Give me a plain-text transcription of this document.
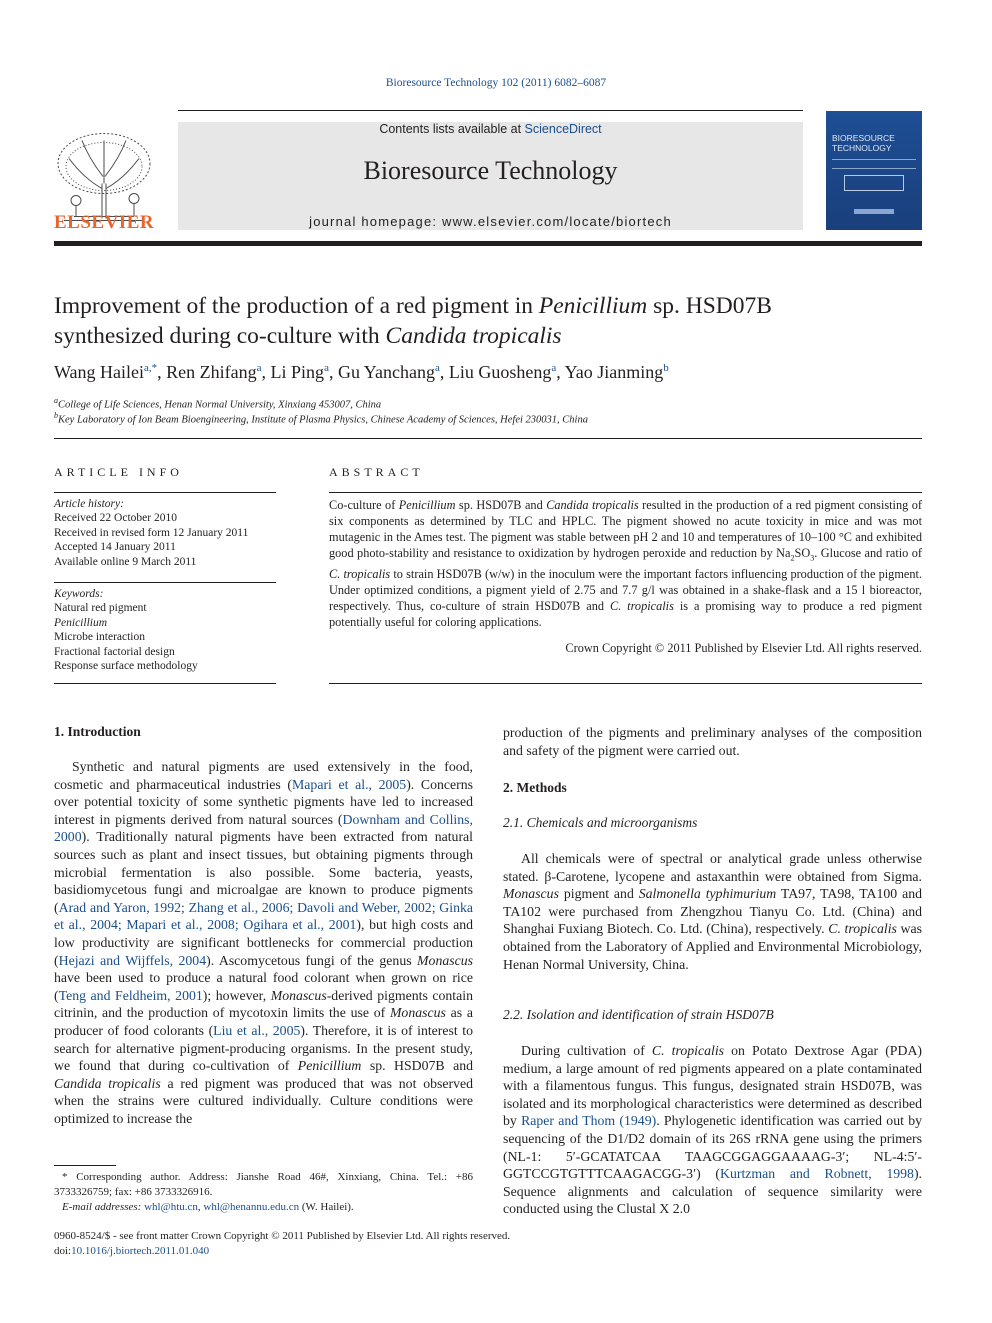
Bioresource Technology 102 (2011) 6082–6087
ELSEVIER
Contents lists available at ScienceDirect
Bioresource Technology
journal homepage: www.elsevier.com/locate/biortech
BIORESOURCE TECHNOLOGY
Improvement of the production of a red pigment in Penicillium sp. HSD07B
synthesized during co-culture with Candida tropicalis
Wang Hailei$^{a,*}$, Ren Zhifang$^a$, Li Ping$^a$, Gu Yanchang$^a$, Liu Guosheng$^a$, Yao Jianming$^b$
$^a$College of Life Sciences, Henan Normal University, Xinxiang 453007, China
$^b$Key Laboratory of Ion Beam Bioengineering, Institute of Plasma Physics, Chinese Academy of Sciences, Hefei 230031, China
ARTICLE INFO
Article history:
Received 22 October 2010
Received in revised form 12 January 2011
Accepted 14 January 2011
Available online 9 March 2011
Keywords:
Natural red pigment
Penicillium
Microbe interaction
Fractional factorial design
Response surface methodology
ABSTRACT
Co-culture of Penicillium sp. HSD07B and Candida tropicalis resulted in the production of a red pigment consisting of six components as determined by TLC and HPLC. The pigment showed no acute toxicity in mice and was mot mutagenic in the Ames test. The pigment was stable between pH 2 and 10 and temperatures of 10–100 °C and exhibited good photo-stability and resistance to oxidization by hydrogen peroxide and reduction by $Na_2SO_3$. Glucose and ratio of C. tropicalis to strain HSD07B (w/w) in the inoculum were the important factors influencing production of the pigment. Under optimized conditions, a pigment yield of 2.75 and 7.7 g/l was obtained in a shake-flask and a 15 l bioreactor, respectively. Thus, co-culture of strain HSD07B and C. tropicalis is a promising way to produce a red pigment potentially useful for coloring applications.
Crown Copyright © 2011 Published by Elsevier Ltd. All rights reserved.
1. Introduction
Synthetic and natural pigments are used extensively in the food, cosmetic and pharmaceutical industries (Mapari et al., 2005). Concerns over potential toxicity of some synthetic pigments have led to increased interest in pigments derived from natural sources (Downham and Collins, 2000). Traditionally natural pigments have been extracted from natural sources such as plant and insect tissues, but obtaining pigments through microbial fermentation is also possible. Some bacteria, yeasts, basidiomycetous fungi and microalgae are known to produce pigments (Arad and Yaron, 1992; Zhang et al., 2006; Davoli and Weber, 2002; Ginka et al., 2004; Mapari et al., 2008; Ogihara et al., 2001), but high costs and low productivity are significant bottlenecks for commercial production (Hejazi and Wijffels, 2004). Ascomycetous fungi of the genus Monascus have been used to produce a natural food colorant when grown on rice (Teng and Feldheim, 2001); however, Monascus-derived pigments contain citrinin, and the production of mycotoxin limits the use of Monascus as a producer of food colorants (Liu et al., 2005). Therefore, it is of interest to search for alternative pigment-producing organisms. In the present study, we found that during co-cultivation of Penicillium sp. HSD07B and Candida tropicalis a red pigment was produced that was not observed when the strains were cultured individually. Culture conditions were optimized to increase the
* Corresponding author. Address: Jianshe Road 46#, Xinxiang, China. Tel.: +86 3733326759; fax: +86 3733326916.
E-mail addresses: whl@htu.cn, whl@henannu.edu.cn (W. Hailei).
production of the pigments and preliminary analyses of the composition and safety of the pigment were carried out.
2. Methods
2.1. Chemicals and microorganisms
All chemicals were of spectral or analytical grade unless otherwise stated. β-Carotene, lycopene and astaxanthin were obtained from Sigma. Monascus pigment and Salmonella typhimurium TA97, TA98, TA100 and TA102 were purchased from Zhengzhou Tianyu Co. Ltd. (China) and Shanghai Fuxiang Biotech. Co. Ltd. (China), respectively. C. tropicalis was obtained from the Laboratory of Applied and Environmental Microbiology, Henan Normal University, China.
2.2. Isolation and identification of strain HSD07B
During cultivation of C. tropicalis on Potato Dextrose Agar (PDA) medium, a large amount of red pigments appeared on a plate contaminated with a filamentous fungus. This fungus, designated strain HSD07B, was isolated and its morphological characteristics were determined as described by Raper and Thom (1949). Phylogenetic identification was carried out by sequencing of the D1/D2 domain of its 26S rRNA gene using the primers (NL-1: 5′-GCATATCAA TAAGCGGAGGAAAAG-3′; NL-4:5′-GGTCCGTGTTTCAAGACGG-3′) (Kurtzman and Robnett, 1998). Sequence alignments and calculation of sequence similarity were conducted using the Clustal X 2.0
0960-8524/$ - see front matter Crown Copyright © 2011 Published by Elsevier Ltd. All rights reserved.
doi:10.1016/j.biortech.2011.01.040
